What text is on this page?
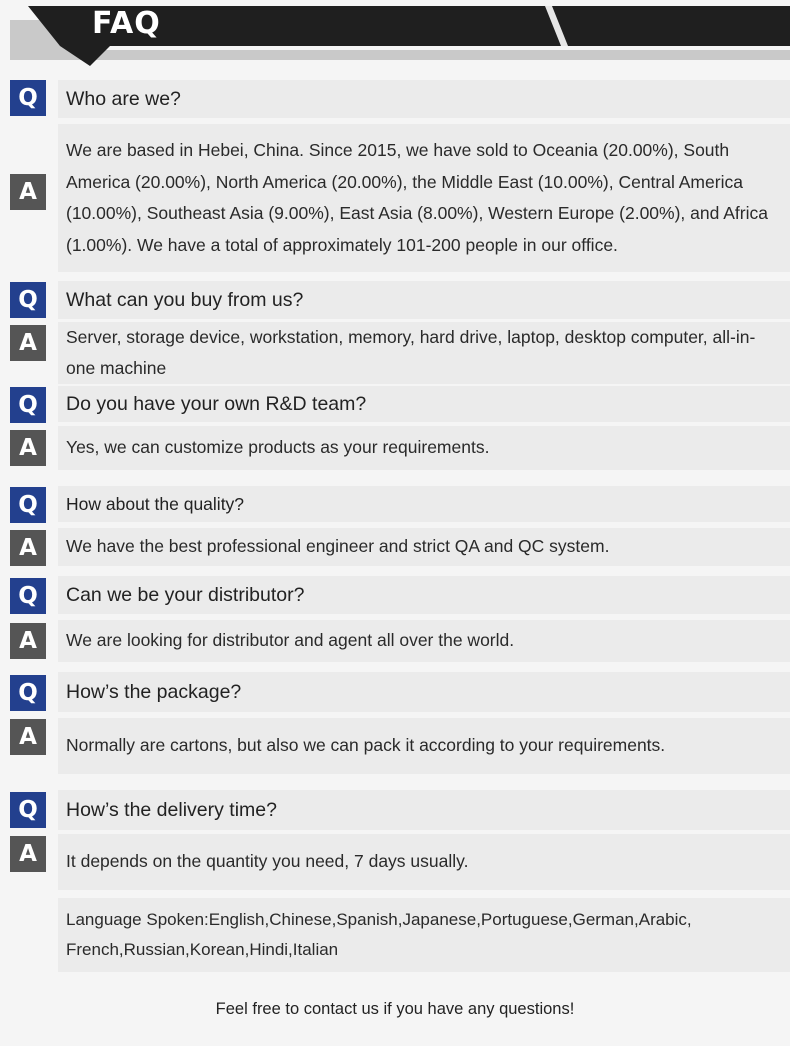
FAQ
Q	Who are we?
A
We are based in Hebei, China. Since 2015, we have sold to Oceania (20.00%), South America (20.00%), North America (20.00%), the Middle East (10.00%), Central America (10.00%), Southeast Asia (9.00%), East Asia (8.00%), Western Europe (2.00%), and Africa (1.00%). We have a total of approximately 101-200 people in our office.
Q	What can you buy from us?
A	Server, storage device, workstation, memory, hard drive, laptop, desktop computer, all-in-one machine
Q	Do you have your own R&D team?
A	Yes, we can customize products as your requirements.
Q	How about the quality?
A	We have the best professional engineer and strict QA and QC system.
Q	Can we be your distributor?
A	We are looking for distributor and agent all over the world.
Q	How’s the package?
A	Normally are cartons, but also we can pack it according to your requirements.
Q	How’s the delivery time?
A	It depends on the quantity you need, 7 days usually.
Language Spoken:English,Chinese,Spanish,Japanese,Portuguese,German,Arabic, French,Russian,Korean,Hindi,Italian
Feel free to contact us if you have any questions!
